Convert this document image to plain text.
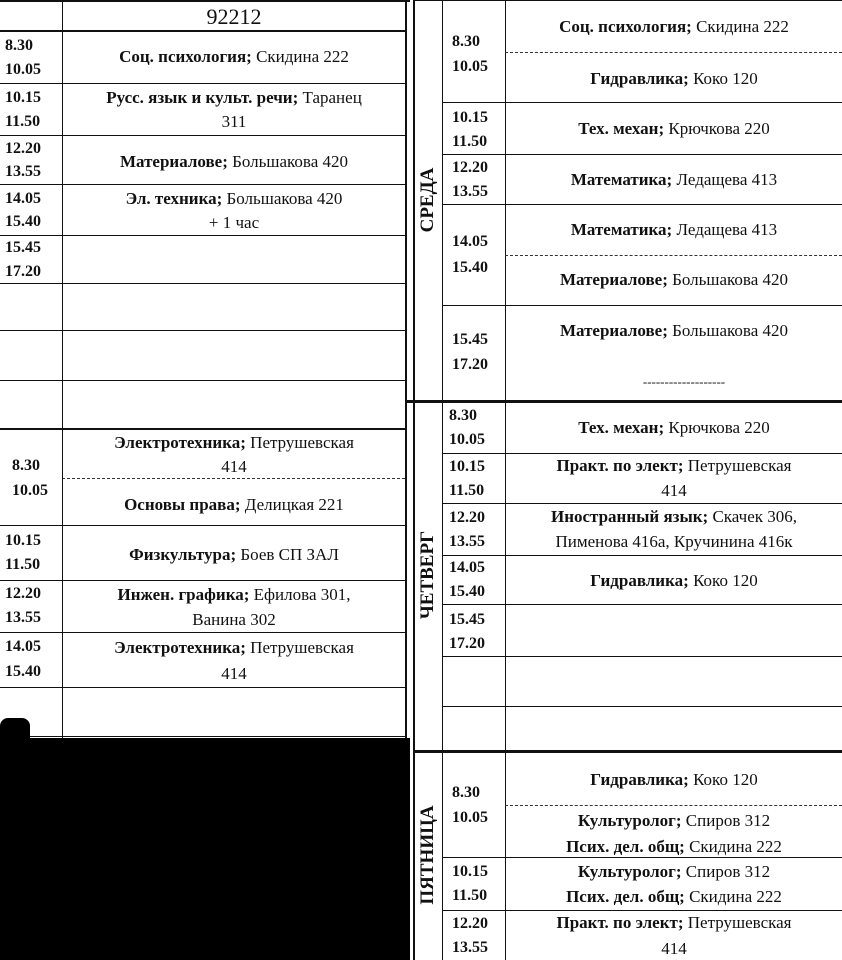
92212
8.30
10.05
10.15
11.50
12.20
13.55
14.05
15.40
15.45
17.20
8.30
10.05
10.15
11.50
12.20
13.55
14.05
15.40
Соц. психология; Скидина 222
Русс. язык и культ. речи; Таранец
311
Материалове; Большакова 420
Эл. техника; Большакова 420
+ 1 час
Электротехника; Петрушевская
414
Основы права; Делицкая 221
Физкультура; Боев СП ЗАЛ
Инжен. графика; Ефилова 301,
Ванина 302
Электротехника; Петрушевская
414
СРЕДА
ЧЕТВЕРГ
ПЯТНИЦА
8.30
10.05
10.15
11.50
12.20
13.55
14.05
15.40
15.45
17.20
8.30
10.05
10.15
11.50
12.20
13.55
14.05
15.40
15.45
17.20
8.30
10.05
10.15
11.50
12.20
13.55
Соц. психология; Скидина 222
Гидравлика; Коко 120
Тех. механ; Крючкова 220
Математика; Ледащева 413
Математика; Ледащева 413
Материалове; Большакова 420
Материалове; Большакова 420
-------------------
Тех. механ; Крючкова 220
Практ. по элект; Петрушевская
414
Иностранный язык; Скачек 306,
Пименова 416а, Кручинина 416к
Гидравлика; Коко 120
Гидравлика; Коко 120
Культуролог; Спиров 312
Псих. дел. общ; Скидина 222
Культуролог; Спиров 312
Псих. дел. общ; Скидина 222
Практ. по элект; Петрушевская
414
